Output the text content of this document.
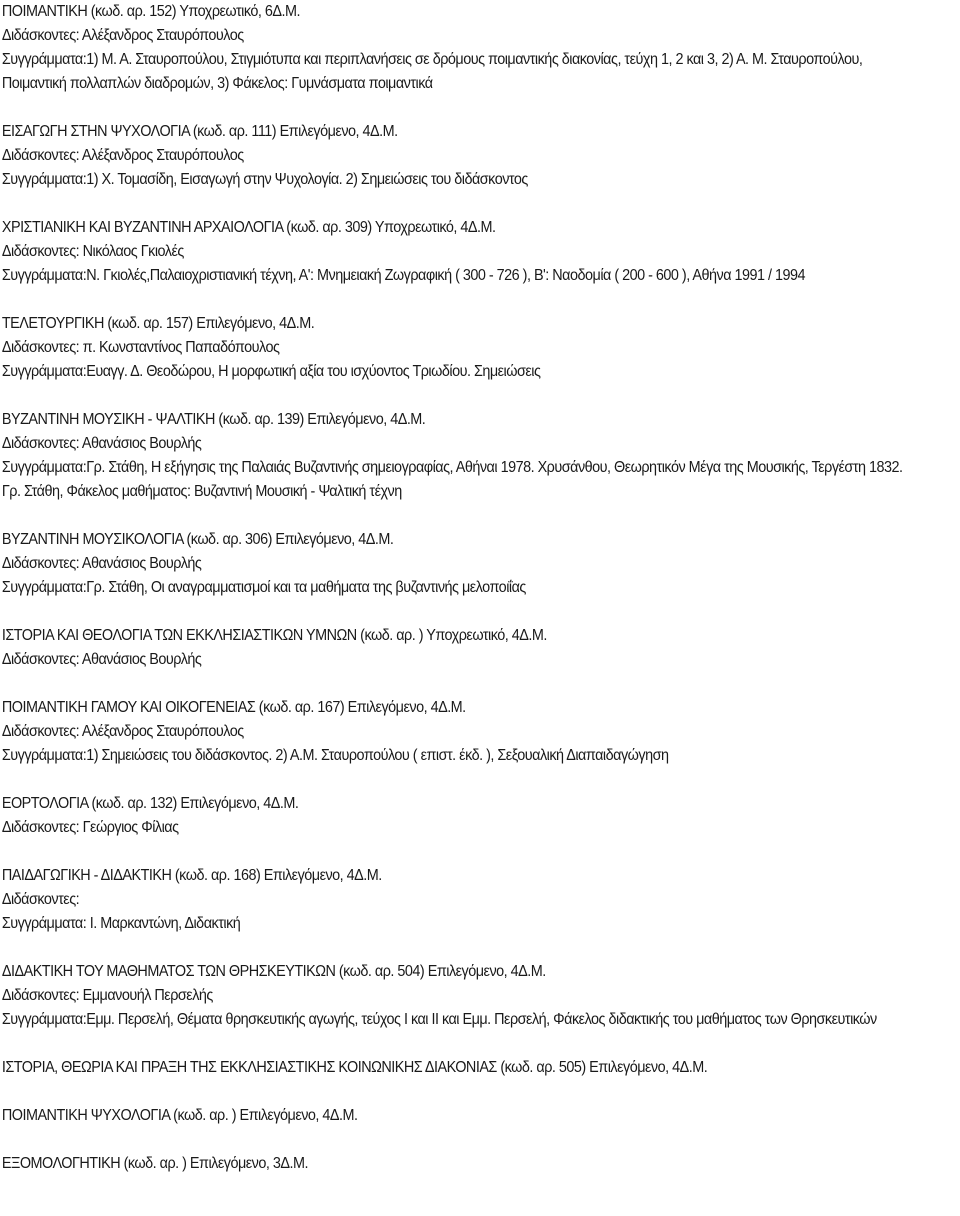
ΠΟΙΜΑΝΤΙΚΗ (κωδ. αρ. 152) Υποχρεωτικό, 6Δ.Μ.
Διδάσκοντες: Αλέξανδρος Σταυρόπουλος
Συγγράμματα:1) Μ. Α. Σταυροπούλου, Στιγμιότυπα και περιπλανήσεις σε δρόμους ποιμαντικής διακονίας, τεύχη 1, 2 και 3, 2) Α. Μ. Σταυροπούλου,
Ποιμαντική πολλαπλών διαδρομών, 3) Φάκελος: Γυμνάσματα ποιμαντικά
ΕΙΣΑΓΩΓΗ ΣΤΗΝ ΨΥΧΟΛΟΓΙΑ (κωδ. αρ. 111) Επιλεγόμενο, 4Δ.Μ.
Διδάσκοντες: Αλέξανδρος Σταυρόπουλος
Συγγράμματα:1) Χ. Τομασίδη, Εισαγωγή στην Ψυχολογία. 2) Σημειώσεις του διδάσκοντος
ΧΡΙΣΤΙΑΝΙΚΗ ΚΑΙ ΒΥΖΑΝΤΙΝΗ ΑΡΧΑΙΟΛΟΓΙΑ (κωδ. αρ. 309) Υποχρεωτικό, 4Δ.Μ.
Διδάσκοντες: Νικόλαος Γκιολές
Συγγράμματα:Ν. Γκιολές,Παλαιοχριστιανική τέχνη, Α': Μνημειακή Ζωγραφική ( 300 - 726 ), Β': Ναοδομία ( 200 - 600 ), Αθήνα 1991 / 1994
ΤΕΛΕΤΟΥΡΓΙΚΗ (κωδ. αρ. 157) Επιλεγόμενο, 4Δ.Μ.
Διδάσκοντες: π. Κωνσταντίνος Παπαδόπουλος
Συγγράμματα:Ευαγγ. Δ. Θεοδώρου, Η μορφωτική αξία του ισχύοντος Τριωδίου. Σημειώσεις
ΒΥΖΑΝΤΙΝΗ ΜΟΥΣΙΚΗ - ΨΑΛΤΙΚΗ (κωδ. αρ. 139) Επιλεγόμενο, 4Δ.Μ.
Διδάσκοντες: Αθανάσιος Βουρλής
Συγγράμματα:Γρ. Στάθη, Η εξήγησις της Παλαιάς Βυζαντινής σημειογραφίας, Αθήναι 1978. Χρυσάνθου, Θεωρητικόν Μέγα της Μουσικής, Τεργέστη 1832.
Γρ. Στάθη, Φάκελος μαθήματος: Βυζαντινή Μουσική - Ψαλτική τέχνη
ΒΥΖΑΝΤΙΝΗ ΜΟΥΣΙΚΟΛΟΓΙΑ (κωδ. αρ. 306) Επιλεγόμενο, 4Δ.Μ.
Διδάσκοντες: Αθανάσιος Βουρλής
Συγγράμματα:Γρ. Στάθη, Οι αναγραμματισμοί και τα μαθήματα της βυζαντινής μελοποιΐας
ΙΣΤΟΡΙΑ ΚΑΙ ΘΕΟΛΟΓΙΑ ΤΩΝ ΕΚΚΛΗΣΙΑΣΤΙΚΩΝ ΥΜΝΩΝ (κωδ. αρ. ) Υποχρεωτικό, 4Δ.Μ.
Διδάσκοντες: Αθανάσιος Βουρλής
ΠΟΙΜΑΝΤΙΚΗ ΓΑΜΟΥ ΚΑΙ ΟΙΚΟΓΕΝΕΙΑΣ (κωδ. αρ. 167) Επιλεγόμενο, 4Δ.Μ.
Διδάσκοντες: Αλέξανδρος Σταυρόπουλος
Συγγράμματα:1) Σημειώσεις του διδάσκοντος. 2) Α.Μ. Σταυροπούλου ( επιστ. έκδ. ), Σεξουαλική Διαπαιδαγώγηση
ΕΟΡΤΟΛΟΓΙΑ (κωδ. αρ. 132) Επιλεγόμενο, 4Δ.Μ.
Διδάσκοντες: Γεώργιος Φίλιας
ΠΑΙΔΑΓΩΓΙΚΗ - ΔΙΔΑΚΤΙΚΗ (κωδ. αρ. 168) Επιλεγόμενο, 4Δ.Μ.
Διδάσκοντες:
Συγγράμματα: Ι. Μαρκαντώνη, Διδακτική
ΔΙΔΑΚΤΙΚΗ ΤΟΥ ΜΑΘΗΜΑΤΟΣ ΤΩΝ ΘΡΗΣΚΕΥΤΙΚΩΝ (κωδ. αρ. 504) Επιλεγόμενο, 4Δ.Μ.
Διδάσκοντες: Εμμανουήλ Περσελής
Συγγράμματα:Εμμ. Περσελή, Θέματα θρησκευτικής αγωγής, τεύχος Ι και ΙΙ και Εμμ. Περσελή, Φάκελος διδακτικής του μαθήματος των Θρησκευτικών
ΙΣΤΟΡΙΑ, ΘΕΩΡΙΑ ΚΑΙ ΠΡΑΞΗ ΤΗΣ ΕΚΚΛΗΣΙΑΣΤΙΚΗΣ ΚΟΙΝΩΝΙΚΗΣ ΔΙΑΚΟΝΙΑΣ (κωδ. αρ. 505) Επιλεγόμενο, 4Δ.Μ.
ΠΟΙΜΑΝΤΙΚΗ ΨΥΧΟΛΟΓΙΑ (κωδ. αρ. ) Επιλεγόμενο, 4Δ.Μ.
ΕΞΟΜΟΛΟΓΗΤΙΚΗ (κωδ. αρ. ) Επιλεγόμενο, 3Δ.Μ.
